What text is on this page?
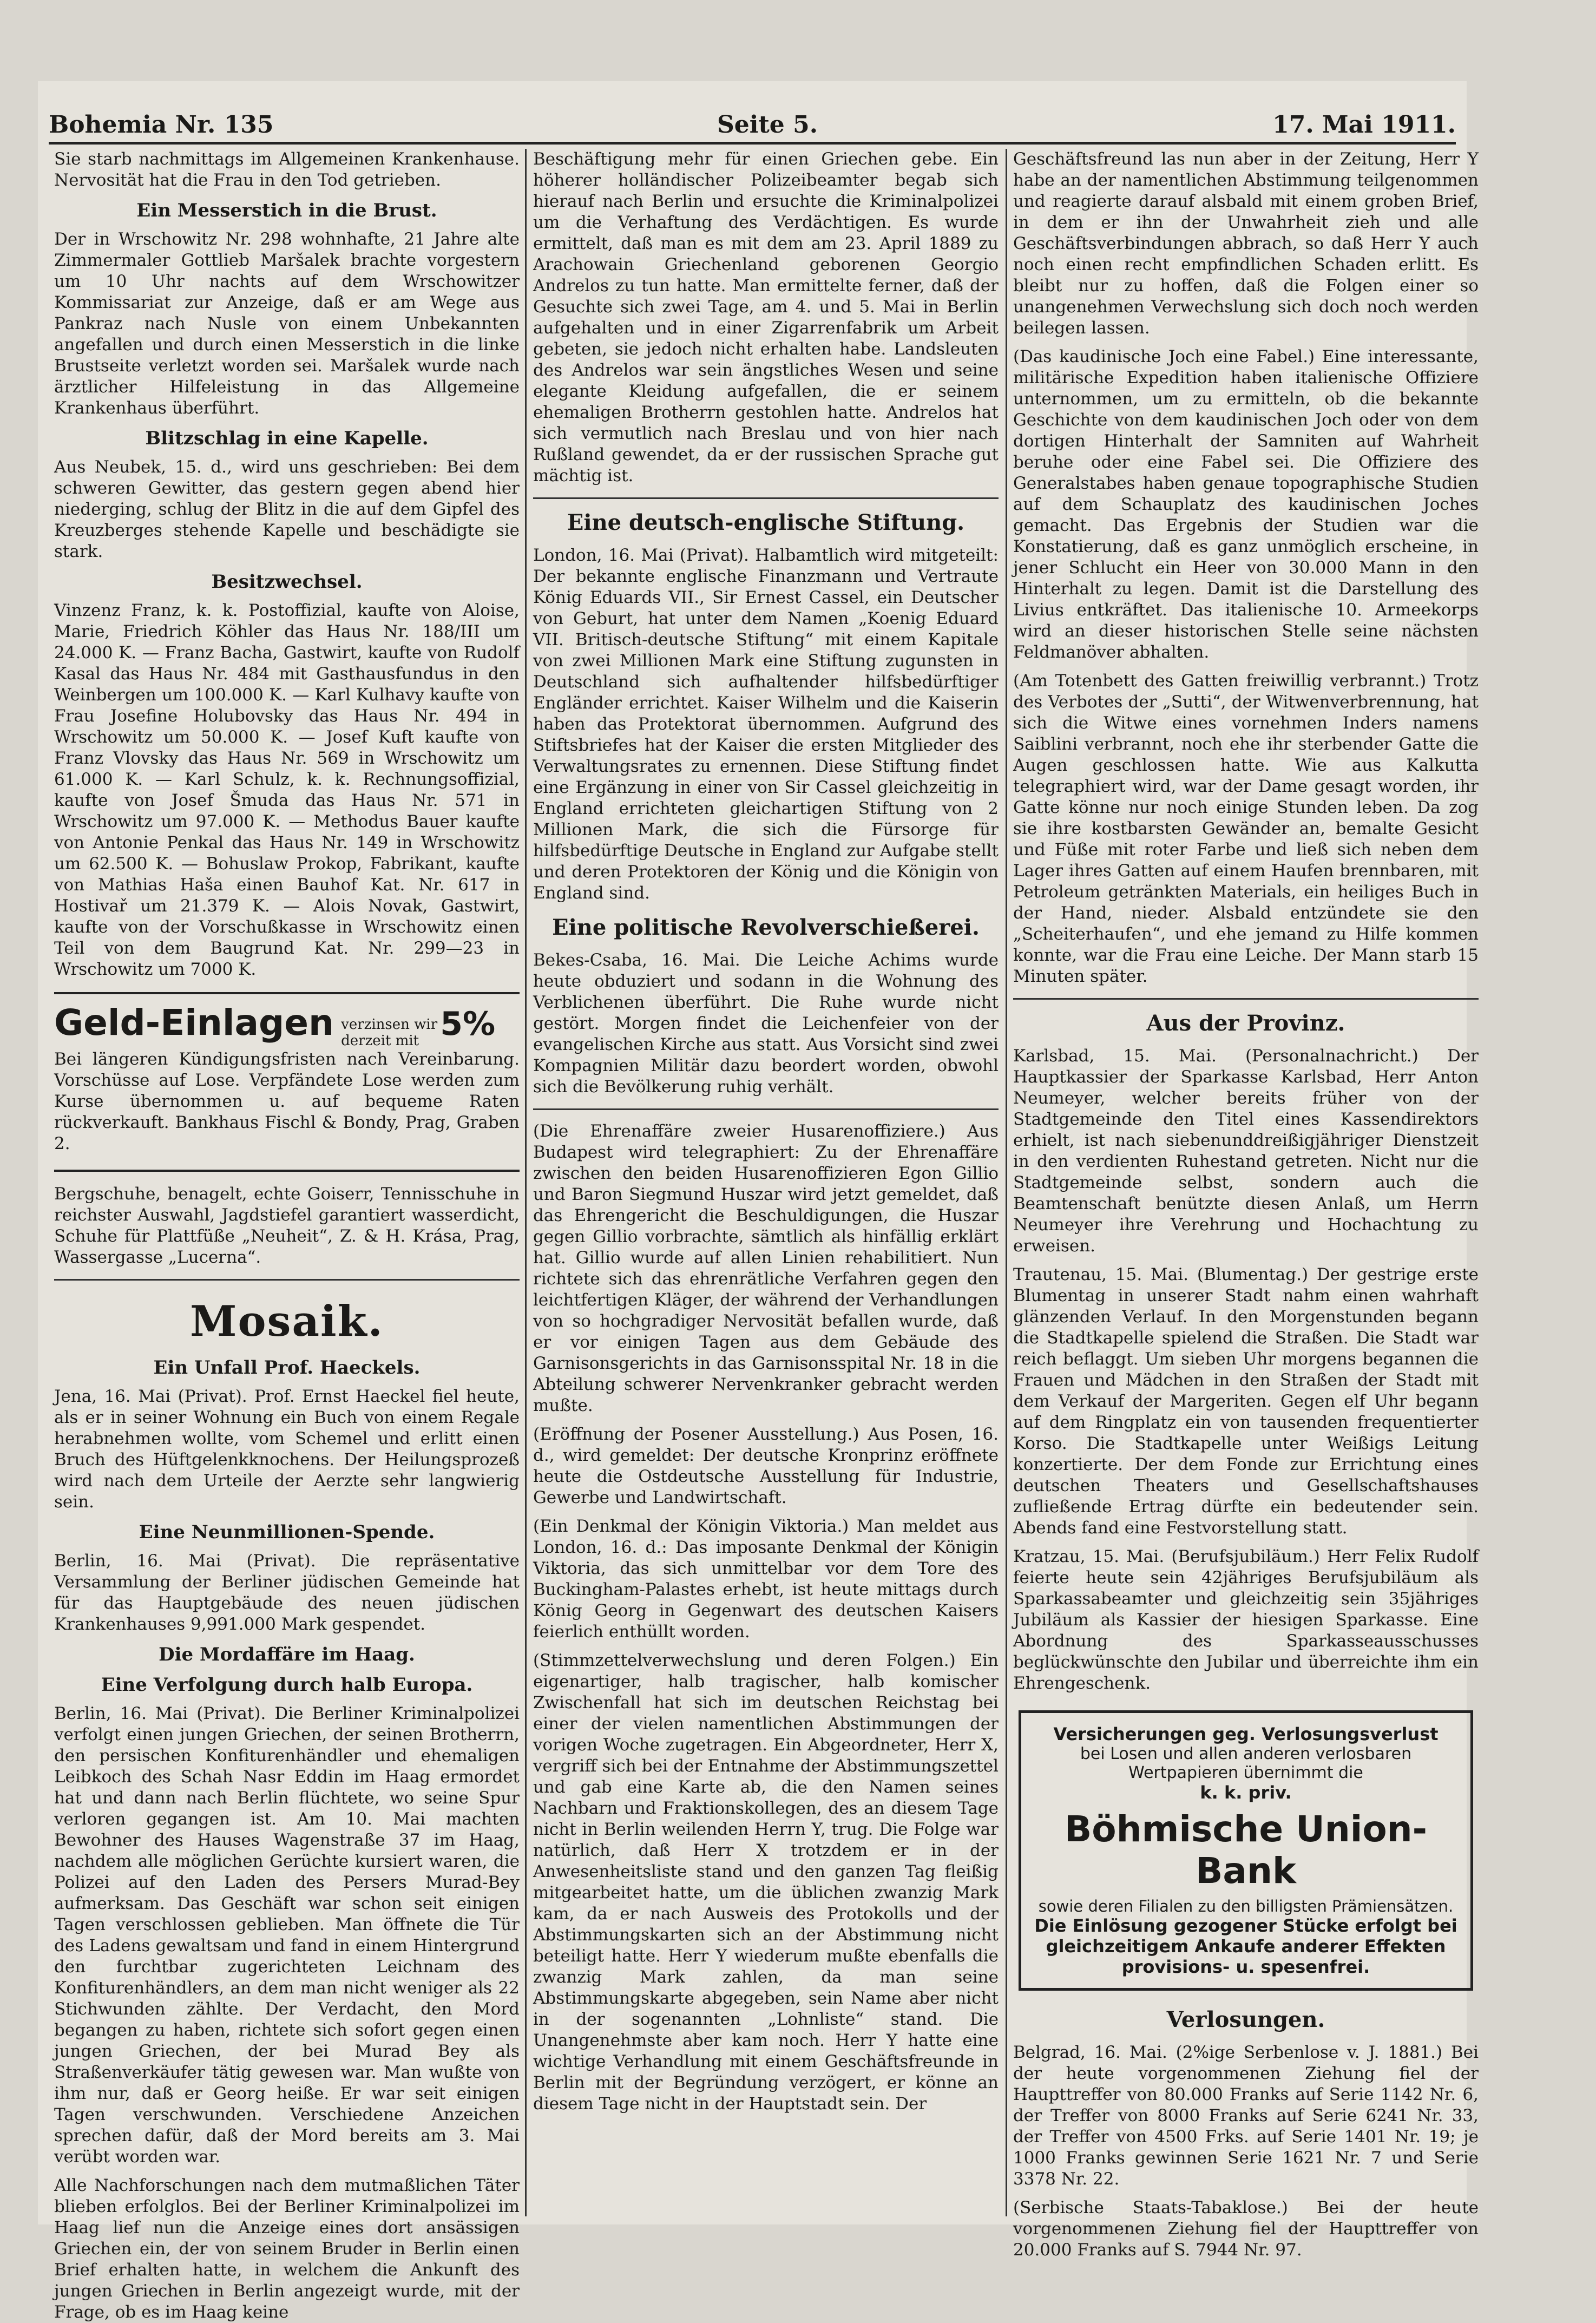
Bohemia Nr. 135	Seite 5.	17. Mai 1911.

Sie starb nachmittags im Allgemeinen Krankenhause. Nervosität hat die Frau in den Tod getrieben.

Ein Messerstich in die Brust.

Der in Wrschowitz Nr. 298 wohnhafte, 21 Jahre alte Zimmermaler Gottlieb Maršalek brachte vorgestern um 10 Uhr nachts auf dem Wrschowitzer Kommissariat zur Anzeige, daß er am Wege aus Pankraz nach Nusle von einem Unbekannten angefallen und durch einen Messerstich in die linke Brustseite verletzt worden sei. Maršalek wurde nach ärztlicher Hilfeleistung in das Allgemeine Krankenhaus überführt.

Blitzschlag in eine Kapelle.

Aus Neubek, 15. d., wird uns geschrieben: Bei dem schweren Gewitter, das gestern gegen abend hier niederging, schlug der Blitz in die auf dem Gipfel des Kreuzberges stehende Kapelle und beschädigte sie stark.

Besitzwechsel.

Vinzenz Franz, k. k. Postoffizial, kaufte von Aloise, Marie, Friedrich Köhler das Haus Nr. 188/III um 24.000 K. — Franz Bacha, Gastwirt, kaufte von Rudolf Kasal das Haus Nr. 484 mit Gasthausfundus in den Weinbergen um 100.000 K. — Karl Kulhavy kaufte von Frau Josefine Holubovsky das Haus Nr. 494 in Wrschowitz um 50.000 K. — Josef Kuft kaufte von Franz Vlovsky das Haus Nr. 569 in Wrschowitz um 61.000 K. — Karl Schulz, k. k. Rechnungsoffizial, kaufte von Josef Šmuda das Haus Nr. 571 in Wrschowitz um 97.000 K. — Methodus Bauer kaufte von Antonie Penkal das Haus Nr. 149 in Wrschowitz um 62.500 K. — Bohuslaw Prokop, Fabrikant, kaufte von Mathias Haša einen Bauhof Kat. Nr. 617 in Hostivař um 21.379 K. — Alois Novak, Gastwirt, kaufte von der Vorschußkasse in Wrschowitz einen Teil von dem Baugrund Kat. Nr. 299—23 in Wrschowitz um 7000 K.

Geld-Einlagen verzinsen wir
derzeit mit 5%

Bei längeren Kündigungsfristen nach Vereinbarung. Vorschüsse auf Lose. Verpfändete Lose werden zum Kurse übernommen u. auf bequeme Raten rückverkauft. Bankhaus Fischl & Bondy, Prag, Graben 2.

Bergschuhe, benagelt, echte Goiserr, Tennisschuhe in reichster Auswahl, Jagdstiefel garantiert wasserdicht, Schuhe für Plattfüße „Neuheit“, Z. & H. Krása, Prag, Wassergasse „Lucerna“.

Mosaik.
Ein Unfall Prof. Haeckels.

Jena, 16. Mai (Privat). Prof. Ernst Haeckel fiel heute, als er in seiner Wohnung ein Buch von einem Regale herabnehmen wollte, vom Schemel und erlitt einen Bruch des Hüftgelenkknochens. Der Heilungsprozeß wird nach dem Urteile der Aerzte sehr langwierig sein.

Eine Neunmillionen-Spende.

Berlin, 16. Mai (Privat). Die repräsentative Versammlung der Berliner jüdischen Gemeinde hat für das Hauptgebäude des neuen jüdischen Krankenhauses 9,991.000 Mark gespendet.

Die Mordaffäre im Haag.
Eine Verfolgung durch halb Europa.

Berlin, 16. Mai (Privat). Die Berliner Kriminalpolizei verfolgt einen jungen Griechen, der seinen Brotherrn, den persischen Konfiturenhändler und ehemaligen Leibkoch des Schah Nasr Eddin im Haag ermordet hat und dann nach Berlin flüchtete, wo seine Spur verloren gegangen ist. Am 10. Mai machten Bewohner des Hauses Wagenstraße 37 im Haag, nachdem alle möglichen Gerüchte kursiert waren, die Polizei auf den Laden des Persers Murad-Bey aufmerksam. Das Geschäft war schon seit einigen Tagen verschlossen geblieben. Man öffnete die Tür des Ladens gewaltsam und fand in einem Hintergrund den furchtbar zugerichteten Leichnam des Konfiturenhändlers, an dem man nicht weniger als 22 Stichwunden zählte. Der Verdacht, den Mord begangen zu haben, richtete sich sofort gegen einen jungen Griechen, der bei Murad Bey als Straßenverkäufer tätig gewesen war. Man wußte von ihm nur, daß er Georg heiße. Er war seit einigen Tagen verschwunden. Verschiedene Anzeichen sprechen dafür, daß der Mord bereits am 3. Mai verübt worden war.

Alle Nachforschungen nach dem mutmaßlichen Täter blieben erfolglos. Bei der Berliner Kriminalpolizei im Haag lief nun die Anzeige eines dort ansässigen Griechen ein, der von seinem Bruder in Berlin einen Brief erhalten hatte, in welchem die Ankunft des jungen Griechen in Berlin angezeigt wurde, mit der Frage, ob es im Haag keine

Beschäftigung mehr für einen Griechen gebe. Ein höherer holländischer Polizeibeamter begab sich hierauf nach Berlin und ersuchte die Kriminalpolizei um die Verhaftung des Verdächtigen. Es wurde ermittelt, daß man es mit dem am 23. April 1889 zu Arachowain Griechenland geborenen Georgio Andrelos zu tun hatte. Man ermittelte ferner, daß der Gesuchte sich zwei Tage, am 4. und 5. Mai in Berlin aufgehalten und in einer Zigarrenfabrik um Arbeit gebeten, sie jedoch nicht erhalten habe. Landsleuten des Andrelos war sein ängstliches Wesen und seine elegante Kleidung aufgefallen, die er seinem ehemaligen Brotherrn gestohlen hatte. Andrelos hat sich vermutlich nach Breslau und von hier nach Rußland gewendet, da er der russischen Sprache gut mächtig ist.

Eine deutsch-englische Stiftung.

London, 16. Mai (Privat). Halbamtlich wird mitgeteilt: Der bekannte englische Finanzmann und Vertraute König Eduards VII., Sir Ernest Cassel, ein Deutscher von Geburt, hat unter dem Namen „Koenig Eduard VII. Britisch-deutsche Stiftung“ mit einem Kapitale von zwei Millionen Mark eine Stiftung zugunsten in Deutschland sich aufhaltender hilfsbedürftiger Engländer errichtet. Kaiser Wilhelm und die Kaiserin haben das Protektorat übernommen. Aufgrund des Stiftsbriefes hat der Kaiser die ersten Mitglieder des Verwaltungsrates zu ernennen. Diese Stiftung findet eine Ergänzung in einer von Sir Cassel gleichzeitig in England errichteten gleichartigen Stiftung von 2 Millionen Mark, die sich die Fürsorge für hilfsbedürftige Deutsche in England zur Aufgabe stellt und deren Protektoren der König und die Königin von England sind.

Eine politische Revolverschießerei.

Bekes-Csaba, 16. Mai. Die Leiche Achims wurde heute obduziert und sodann in die Wohnung des Verblichenen überführt. Die Ruhe wurde nicht gestört. Morgen findet die Leichenfeier von der evangelischen Kirche aus statt. Aus Vorsicht sind zwei Kompagnien Militär dazu beordert worden, obwohl sich die Bevölkerung ruhig verhält.

(Die Ehrenaffäre zweier Husarenoffiziere.) Aus Budapest wird telegraphiert: Zu der Ehrenaffäre zwischen den beiden Husarenoffizieren Egon Gillio und Baron Siegmund Huszar wird jetzt gemeldet, daß das Ehrengericht die Beschuldigungen, die Huszar gegen Gillio vorbrachte, sämtlich als hinfällig erklärt hat. Gillio wurde auf allen Linien rehabilitiert. Nun richtete sich das ehrenrätliche Verfahren gegen den leichtfertigen Kläger, der während der Verhandlungen von so hochgradiger Nervosität befallen wurde, daß er vor einigen Tagen aus dem Gebäude des Garnisonsgerichts in das Garnisonsspital Nr. 18 in die Abteilung schwerer Nervenkranker gebracht werden mußte.

(Eröffnung der Posener Ausstellung.) Aus Posen, 16. d., wird gemeldet: Der deutsche Kronprinz eröffnete heute die Ostdeutsche Ausstellung für Industrie, Gewerbe und Landwirtschaft.

(Ein Denkmal der Königin Viktoria.) Man meldet aus London, 16. d.: Das imposante Denkmal der Königin Viktoria, das sich unmittelbar vor dem Tore des Buckingham-Palastes erhebt, ist heute mittags durch König Georg in Gegenwart des deutschen Kaisers feierlich enthüllt worden.

(Stimmzettelverwechslung und deren Folgen.) Ein eigenartiger, halb tragischer, halb komischer Zwischenfall hat sich im deutschen Reichstag bei einer der vielen namentlichen Abstimmungen der vorigen Woche zugetragen. Ein Abgeordneter, Herr X, vergriff sich bei der Entnahme der Abstimmungszettel und gab eine Karte ab, die den Namen seines Nachbarn und Fraktionskollegen, des an diesem Tage nicht in Berlin weilenden Herrn Y, trug. Die Folge war natürlich, daß Herr X trotzdem er in der Anwesenheitsliste stand und den ganzen Tag fleißig mitgearbeitet hatte, um die üblichen zwanzig Mark kam, da er nach Ausweis des Protokolls und der Abstimmungskarten sich an der Abstimmung nicht beteiligt hatte. Herr Y wiederum mußte ebenfalls die zwanzig Mark zahlen, da man seine Abstimmungskarte abgegeben, sein Name aber nicht in der sogenannten „Lohnliste“ stand. Die Unangenehmste aber kam noch. Herr Y hatte eine wichtige Verhandlung mit einem Geschäftsfreunde in Berlin mit der Begründung verzögert, er könne an diesem Tage nicht in der Hauptstadt sein. Der

Geschäftsfreund las nun aber in der Zeitung, Herr Y habe an der namentlichen Abstimmung teilgenommen und reagierte darauf alsbald mit einem groben Brief, in dem er ihn der Unwahrheit zieh und alle Geschäftsverbindungen abbrach, so daß Herr Y auch noch einen recht empfindlichen Schaden erlitt. Es bleibt nur zu hoffen, daß die Folgen einer so unangenehmen Verwechslung sich doch noch werden beilegen lassen.

(Das kaudinische Joch eine Fabel.) Eine interessante, militärische Expedition haben italienische Offiziere unternommen, um zu ermitteln, ob die bekannte Geschichte von dem kaudinischen Joch oder von dem dortigen Hinterhalt der Samniten auf Wahrheit beruhe oder eine Fabel sei. Die Offiziere des Generalstabes haben genaue topographische Studien auf dem Schauplatz des kaudinischen Joches gemacht. Das Ergebnis der Studien war die Konstatierung, daß es ganz unmöglich erscheine, in jener Schlucht ein Heer von 30.000 Mann in den Hinterhalt zu legen. Damit ist die Darstellung des Livius entkräftet. Das italienische 10. Armeekorps wird an dieser historischen Stelle seine nächsten Feldmanöver abhalten.

(Am Totenbett des Gatten freiwillig verbrannt.) Trotz des Verbotes der „Sutti“, der Witwenverbrennung, hat sich die Witwe eines vornehmen Inders namens Saiblini verbrannt, noch ehe ihr sterbender Gatte die Augen geschlossen hatte. Wie aus Kalkutta telegraphiert wird, war der Dame gesagt worden, ihr Gatte könne nur noch einige Stunden leben. Da zog sie ihre kostbarsten Gewänder an, bemalte Gesicht und Füße mit roter Farbe und ließ sich neben dem Lager ihres Gatten auf einem Haufen brennbaren, mit Petroleum getränkten Materials, ein heiliges Buch in der Hand, nieder. Alsbald entzündete sie den „Scheiterhaufen“, und ehe jemand zu Hilfe kommen konnte, war die Frau eine Leiche. Der Mann starb 15 Minuten später.

Aus der Provinz.

Karlsbad, 15. Mai. (Personalnachricht.) Der Hauptkassier der Sparkasse Karlsbad, Herr Anton Neumeyer, welcher bereits früher von der Stadtgemeinde den Titel eines Kassendirektors erhielt, ist nach siebenunddreißigjähriger Dienstzeit in den verdienten Ruhestand getreten. Nicht nur die Stadtgemeinde selbst, sondern auch die Beamtenschaft benützte diesen Anlaß, um Herrn Neumeyer ihre Verehrung und Hochachtung zu erweisen.

Trautenau, 15. Mai. (Blumentag.) Der gestrige erste Blumentag in unserer Stadt nahm einen wahrhaft glänzenden Verlauf. In den Morgenstunden begann die Stadtkapelle spielend die Straßen. Die Stadt war reich beflaggt. Um sieben Uhr morgens begannen die Frauen und Mädchen in den Straßen der Stadt mit dem Verkauf der Margeriten. Gegen elf Uhr begann auf dem Ringplatz ein von tausenden frequentierter Korso. Die Stadtkapelle unter Weißigs Leitung konzertierte. Der dem Fonde zur Errichtung eines deutschen Theaters und Gesellschaftshauses zufließende Ertrag dürfte ein bedeutender sein. Abends fand eine Festvorstellung statt.

Kratzau, 15. Mai. (Berufsjubiläum.) Herr Felix Rudolf feierte heute sein 42jähriges Berufsjubiläum als Sparkassabeamter und gleichzeitig sein 35jähriges Jubiläum als Kassier der hiesigen Sparkasse. Eine Abordnung des Sparkasseausschusses beglückwünschte den Jubilar und überreichte ihm ein Ehrengeschenk.

Versicherungen geg. Verlosungsverlust
bei Losen und allen anderen verlosbaren Wertpapieren übernimmt die
k. k. priv.
Böhmische Union-Bank
sowie deren Filialen zu den billigsten Prämiensätzen.
Die Einlösung gezogener Stücke erfolgt bei gleichzeitigem Ankaufe anderer Effekten provisions- u. spesenfrei.
Verlosungen.

Belgrad, 16. Mai. (2%ige Serbenlose v. J. 1881.) Bei der heute vorgenommenen Ziehung fiel der Haupttreffer von 80.000 Franks auf Serie 1142 Nr. 6, der Treffer von 8000 Franks auf Serie 6241 Nr. 33, der Treffer von 4500 Frks. auf Serie 1401 Nr. 19; je 1000 Franks gewinnen Serie 1621 Nr. 7 und Serie 3378 Nr. 22.

(Serbische Staats-Tabaklose.) Bei der heute vorgenommenen Ziehung fiel der Haupttreffer von 20.000 Franks auf S. 7944 Nr. 97.
